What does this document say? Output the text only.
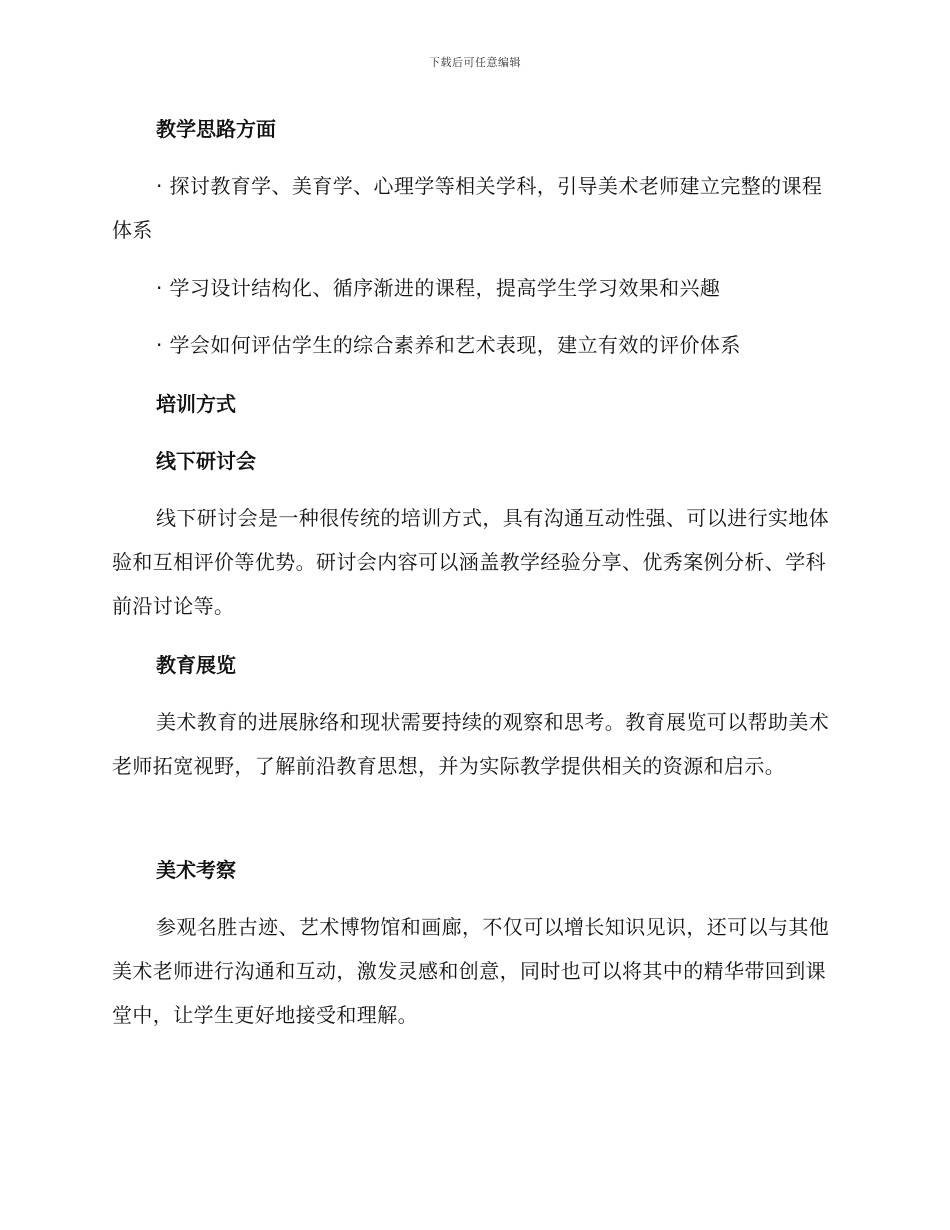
下载后可任意编辑
教学思路方面
· 探讨教育学、美育学、心理学等相关学科，引导美术老师建立完整的课程体系
· 学习设计结构化、循序渐进的课程，提高学生学习效果和兴趣
· 学会如何评估学生的综合素养和艺术表现，建立有效的评价体系
培训方式
线下研讨会
线下研讨会是一种很传统的培训方式，具有沟通互动性强、可以进行实地体验和互相评价等优势。研讨会内容可以涵盖教学经验分享、优秀案例分析、学科前沿讨论等。
教育展览
美术教育的进展脉络和现状需要持续的观察和思考。教育展览可以帮助美术老师拓宽视野，了解前沿教育思想，并为实际教学提供相关的资源和启示。
美术考察
参观名胜古迹、艺术博物馆和画廊，不仅可以增长知识见识，还可以与其他美术老师进行沟通和互动，激发灵感和创意，同时也可以将其中的精华带回到课堂中，让学生更好地接受和理解。
